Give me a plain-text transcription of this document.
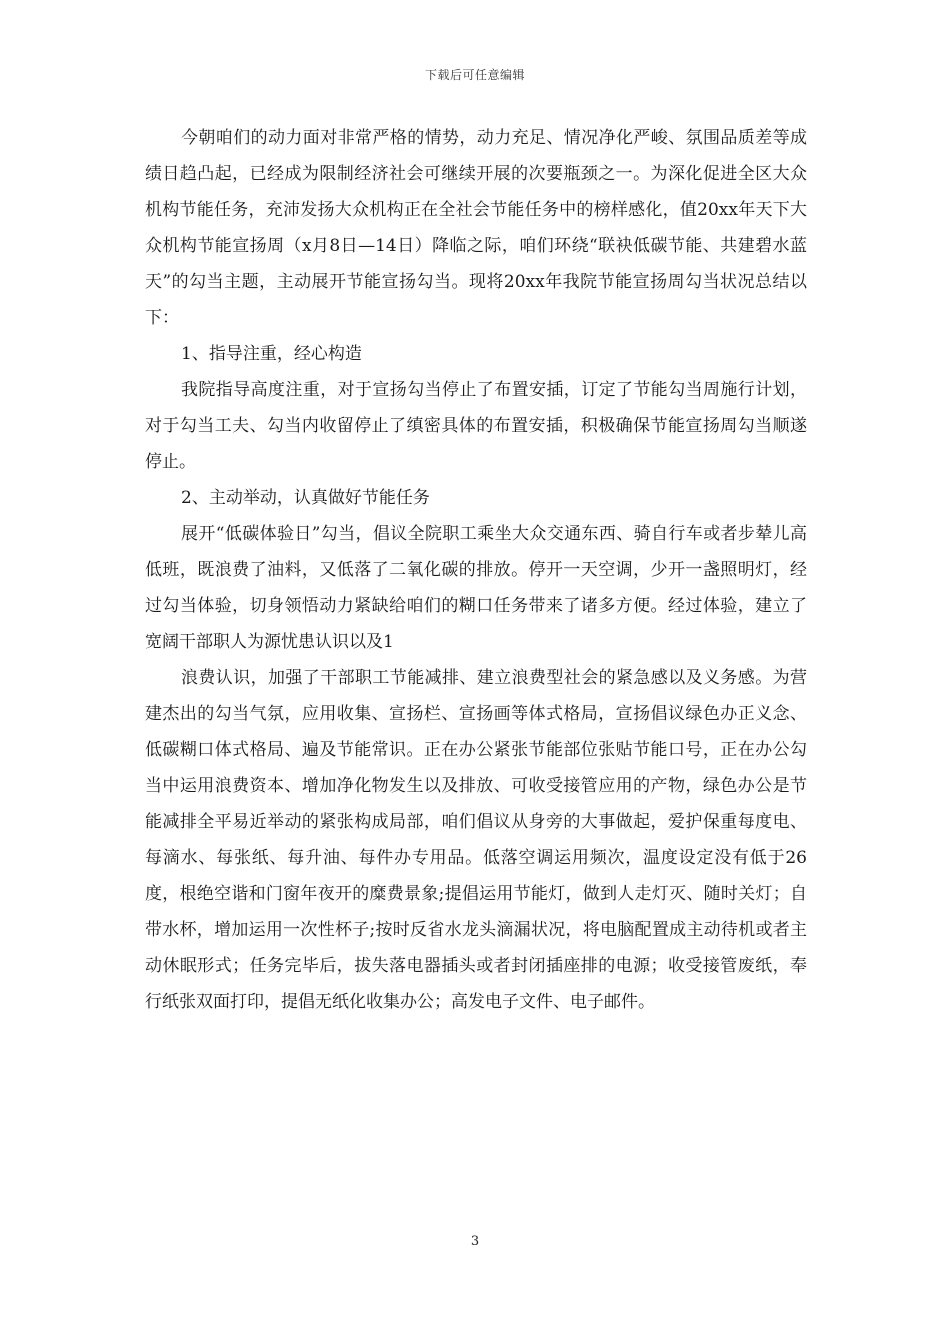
下载后可任意编辑

今朝咱们的动力面对非常严格的情势，动力充足、情况净化严峻、氛围品质差等成绩日趋凸起，已经成为限制经济社会可继续开展的次要瓶颈之一。为深化促进全区大众机构节能任务，充沛发扬大众机构正在全社会节能任务中的榜样感化，值20xx年天下大众机构节能宣扬周（x月8日—14日）降临之际，咱们环绕“联袂低碳节能、共建碧水蓝天”的勾当主题，主动展开节能宣扬勾当。现将20xx年我院节能宣扬周勾当状况总结以下：

1、指导注重，经心构造

我院指导高度注重，对于宣扬勾当停止了布置安插，订定了节能勾当周施行计划，对于勾当工夫、勾当内收留停止了缜密具体的布置安插，积极确保节能宣扬周勾当顺遂停止。

2、主动举动，认真做好节能任务

展开“低碳体验日”勾当，倡议全院职工乘坐大众交通东西、骑自行车或者步辇儿高低班，既浪费了油料，又低落了二氧化碳的排放。停开一天空调，少开一盏照明灯，经过勾当体验，切身领悟动力紧缺给咱们的糊口任务带来了诸多方便。经过体验，建立了宽阔干部职人为源忧患认识以及1

浪费认识，加强了干部职工节能减排、建立浪费型社会的紧急感以及义务感。为营建杰出的勾当气氛，应用收集、宣扬栏、宣扬画等体式格局，宣扬倡议绿色办正义念、低碳糊口体式格局、遍及节能常识。正在办公紧张节能部位张贴节能口号，正在办公勾当中运用浪费资本、增加净化物发生以及排放、可收受接管应用的产物，绿色办公是节能减排全平易近举动的紧张构成局部，咱们倡议从身旁的大事做起，爱护保重每度电、每滴水、每张纸、每升油、每件办专用品。低落空调运用频次，温度设定没有低于26度，根绝空谐和门窗年夜开的糜费景象;提倡运用节能灯，做到人走灯灭、随时关灯；自带水杯，增加运用一次性杯子;按时反省水龙头滴漏状况，将电脑配置成主动待机或者主动休眠形式；任务完毕后，拔失落电器插头或者封闭插座排的电源；收受接管废纸，奉行纸张双面打印，提倡无纸化收集办公；高发电子文件、电子邮件。

3
